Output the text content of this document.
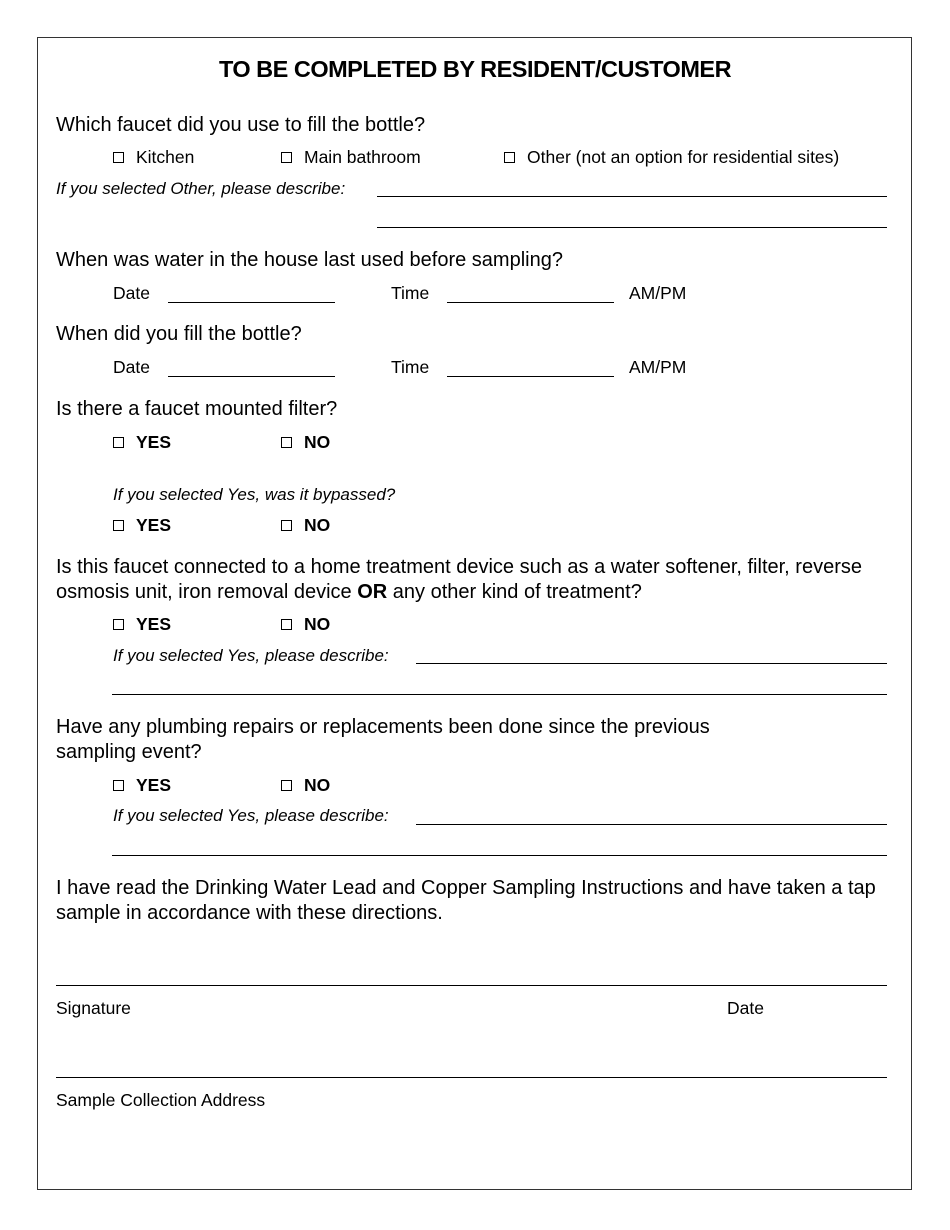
TO BE COMPLETED BY RESIDENT/CUSTOMER
Which faucet did you use to fill the bottle?
Kitchen	Main bathroom	Other (not an option for residential sites)
If you selected Other, please describe:
When was water in the house last used before sampling?
Date	Time	AM/PM
When did you fill the bottle?
Date	Time	AM/PM
Is there a faucet mounted filter?
YES	NO
If you selected Yes, was it bypassed?
YES	NO
Is this faucet connected to a home treatment device such as a water softener, filter, reverse osmosis unit, iron removal device OR any other kind of treatment?
YES	NO
If you selected Yes, please describe:
Have any plumbing repairs or replacements been done since the previous sampling event?
YES	NO
If you selected Yes, please describe:
I have read the Drinking Water Lead and Copper Sampling Instructions and have taken a tap sample in accordance with these directions.
Signature	Date
Sample Collection Address
